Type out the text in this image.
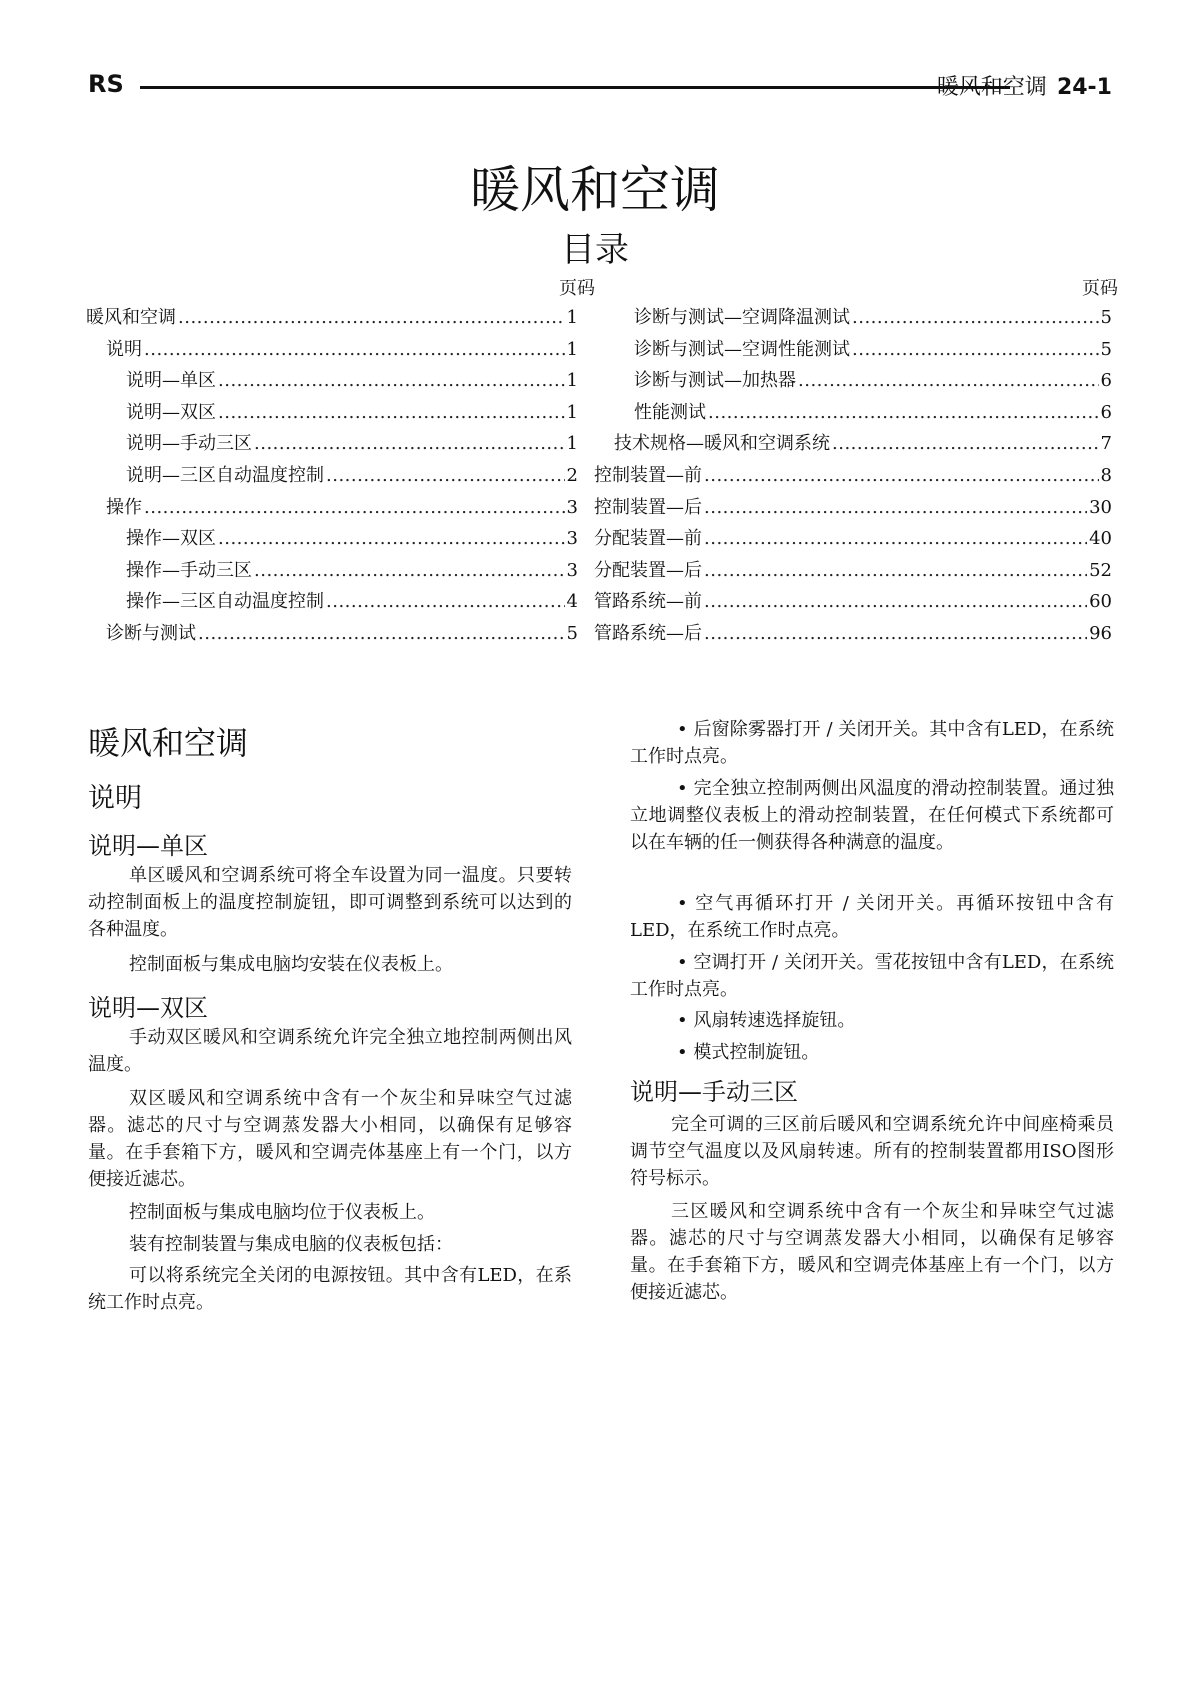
RS	暖风和空调 24-1
暖风和空调
目录
页码	页码
暖风和空调 .....	1
说明 .....	1
说明—单区 .....	1
说明—双区 .....	1
说明—手动三区 .....	1
说明—三区自动温度控制 .....	2
操作 .....	3
操作—双区 .....	3
操作—手动三区 .....	3
操作—三区自动温度控制 .....	4
诊断与测试 .....	5
诊断与测试—空调降温测试 .....	5
诊断与测试—空调性能测试 .....	5
诊断与测试—加热器 .....	6
性能测试 .....	6
技术规格—暖风和空调系统 .....	7
控制装置—前 .....	8
控制装置—后 .....	30
分配装置—前 .....	40
分配装置—后 .....	52
管路系统—前 .....	60
管路系统—后 .....	96
暖风和空调
说明
说明—单区

单区暖风和空调系统可将全车设置为同一温度。只要转动控制面板上的温度控制旋钮，即可调整到系统可以达到的各种温度。

控制面板与集成电脑均安装在仪表板上。

说明—双区

手动双区暖风和空调系统允许完全独立地控制两侧出风温度。

双区暖风和空调系统中含有一个灰尘和异味空气过滤器。滤芯的尺寸与空调蒸发器大小相同，以确保有足够容量。在手套箱下方，暖风和空调壳体基座上有一个门，以方便接近滤芯。

控制面板与集成电脑均位于仪表板上。

装有控制装置与集成电脑的仪表板包括：

可以将系统完全关闭的电源按钮。其中含有LED，在系统工作时点亮。

• 后窗除雾器打开 / 关闭开关。其中含有LED，在系统工作时点亮。

• 完全独立控制两侧出风温度的滑动控制装置。通过独立地调整仪表板上的滑动控制装置，在任何模式下系统都可以在车辆的任一侧获得各种满意的温度。

• 空气再循环打开 / 关闭开关。再循环按钮中含有LED，在系统工作时点亮。

• 空调打开 / 关闭开关。雪花按钮中含有LED，在系统工作时点亮。

• 风扇转速选择旋钮。

• 模式控制旋钮。

说明—手动三区

完全可调的三区前后暖风和空调系统允许中间座椅乘员调节空气温度以及风扇转速。所有的控制装置都用ISO图形符号标示。

三区暖风和空调系统中含有一个灰尘和异味空气过滤器。滤芯的尺寸与空调蒸发器大小相同，以确保有足够容量。在手套箱下方，暖风和空调壳体基座上有一个门，以方便接近滤芯。
